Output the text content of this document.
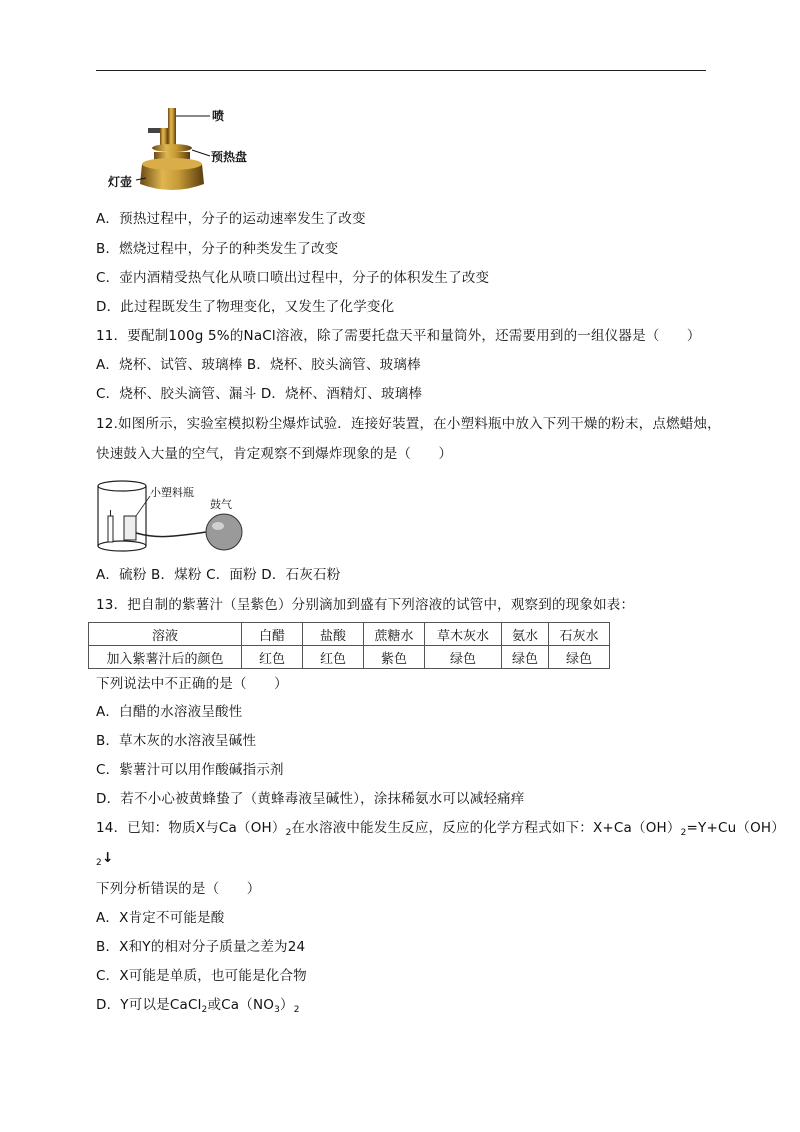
喷
预热盘
灯壶
A．预热过程中，分子的运动速率发生了改变
B．燃烧过程中，分子的种类发生了改变
C．壶内酒精受热气化从喷口喷出过程中，分子的体积发生了改变
D．此过程既发生了物理变化，又发生了化学变化
11．要配制100g 5%的NaCl溶液，除了需要托盘天平和量筒外，还需要用到的一组仪器是（　　）
A．烧杯、试管、玻璃棒 B．烧杯、胶头滴管、玻璃棒
C．烧杯、胶头滴管、漏斗 D．烧杯、酒精灯、玻璃棒
12.如图所示，实验室模拟粉尘爆炸试验．连接好装置，在小塑料瓶中放入下列干燥的粉末，点燃蜡烛，
快速鼓入大量的空气，肯定观察不到爆炸现象的是（　　）
小塑料瓶
鼓气
A．硫粉 B．煤粉 C．面粉 D．石灰石粉
13．把自制的紫薯汁（呈紫色）分别滴加到盛有下列溶液的试管中，观察到的现象如表：
溶液	白醋	盐酸	蔗糖水	草木灰水	氨水	石灰水
加入紫薯汁后的颜色	红色	红色	紫色	绿色	绿色	绿色
下列说法中不正确的是（　　）
A．白醋的水溶液呈酸性
B．草木灰的水溶液呈碱性
C．紫薯汁可以用作酸碱指示剂
D．若不小心被黄蜂蛰了（黄蜂毒液呈碱性），涂抹稀氨水可以减轻痛痒
14．已知：物质X与$Ca(OH)_2$在水溶液中能发生反应，反应的化学方程式如下：$X+Ca(OH)_2=Y+Cu(OH)$
$_2$↓
下列分析错误的是（　　）
A．X肯定不可能是酸
B．X和Y的相对分子质量之差为24
C．X可能是单质，也可能是化合物
D．Y可以是CaCl$_2$或$Ca(NO_3)_2$
